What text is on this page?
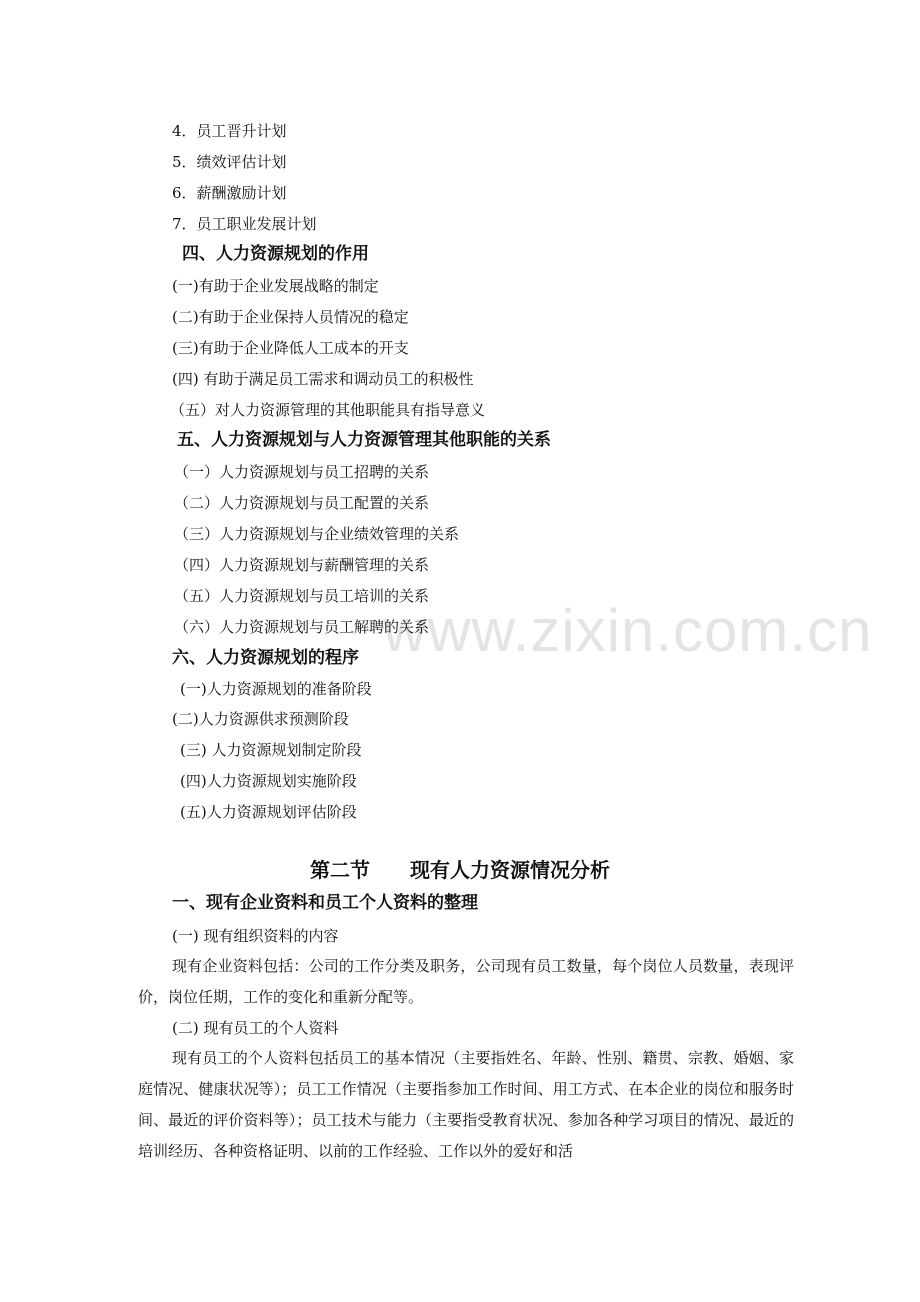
www.zixin.com.cn
4．员工晋升计划
5．绩效评估计划
6．薪酬激励计划
7．员工职业发展计划
四、人力资源规划的作用
(一)有助于企业发展战略的制定
(二)有助于企业保持人员情况的稳定
(三)有助于企业降低人工成本的开支
(四) 有助于满足员工需求和调动员工的积极性
（五）对人力资源管理的其他职能具有指导意义
五、人力资源规划与人力资源管理其他职能的关系
（一）人力资源规划与员工招聘的关系
（二）人力资源规划与员工配置的关系
（三）人力资源规划与企业绩效管理的关系
（四）人力资源规划与薪酬管理的关系
（五）人力资源规划与员工培训的关系
（六）人力资源规划与员工解聘的关系
六、人力资源规划的程序
(一)人力资源规划的准备阶段
(二)人力资源供求预测阶段
(三) 人力资源规划制定阶段
(四)人力资源规划实施阶段
(五)人力资源规划评估阶段
第二节　　现有人力资源情况分析
一、现有企业资料和员工个人资料的整理
(一) 现有组织资料的内容
现有企业资料包括：公司的工作分类及职务，公司现有员工数量，每个岗位人员数量，表现评价，岗位任期，工作的变化和重新分配等。
(二) 现有员工的个人资料
现有员工的个人资料包括员工的基本情况（主要指姓名、年龄、性别、籍贯、宗教、婚姻、家庭情况、健康状况等）；员工工作情况（主要指参加工作时间、用工方式、在本企业的岗位和服务时间、最近的评价资料等）；员工技术与能力（主要指受教育状况、参加各种学习项目的情况、最近的培训经历、各种资格证明、以前的工作经验、工作以外的爱好和活
